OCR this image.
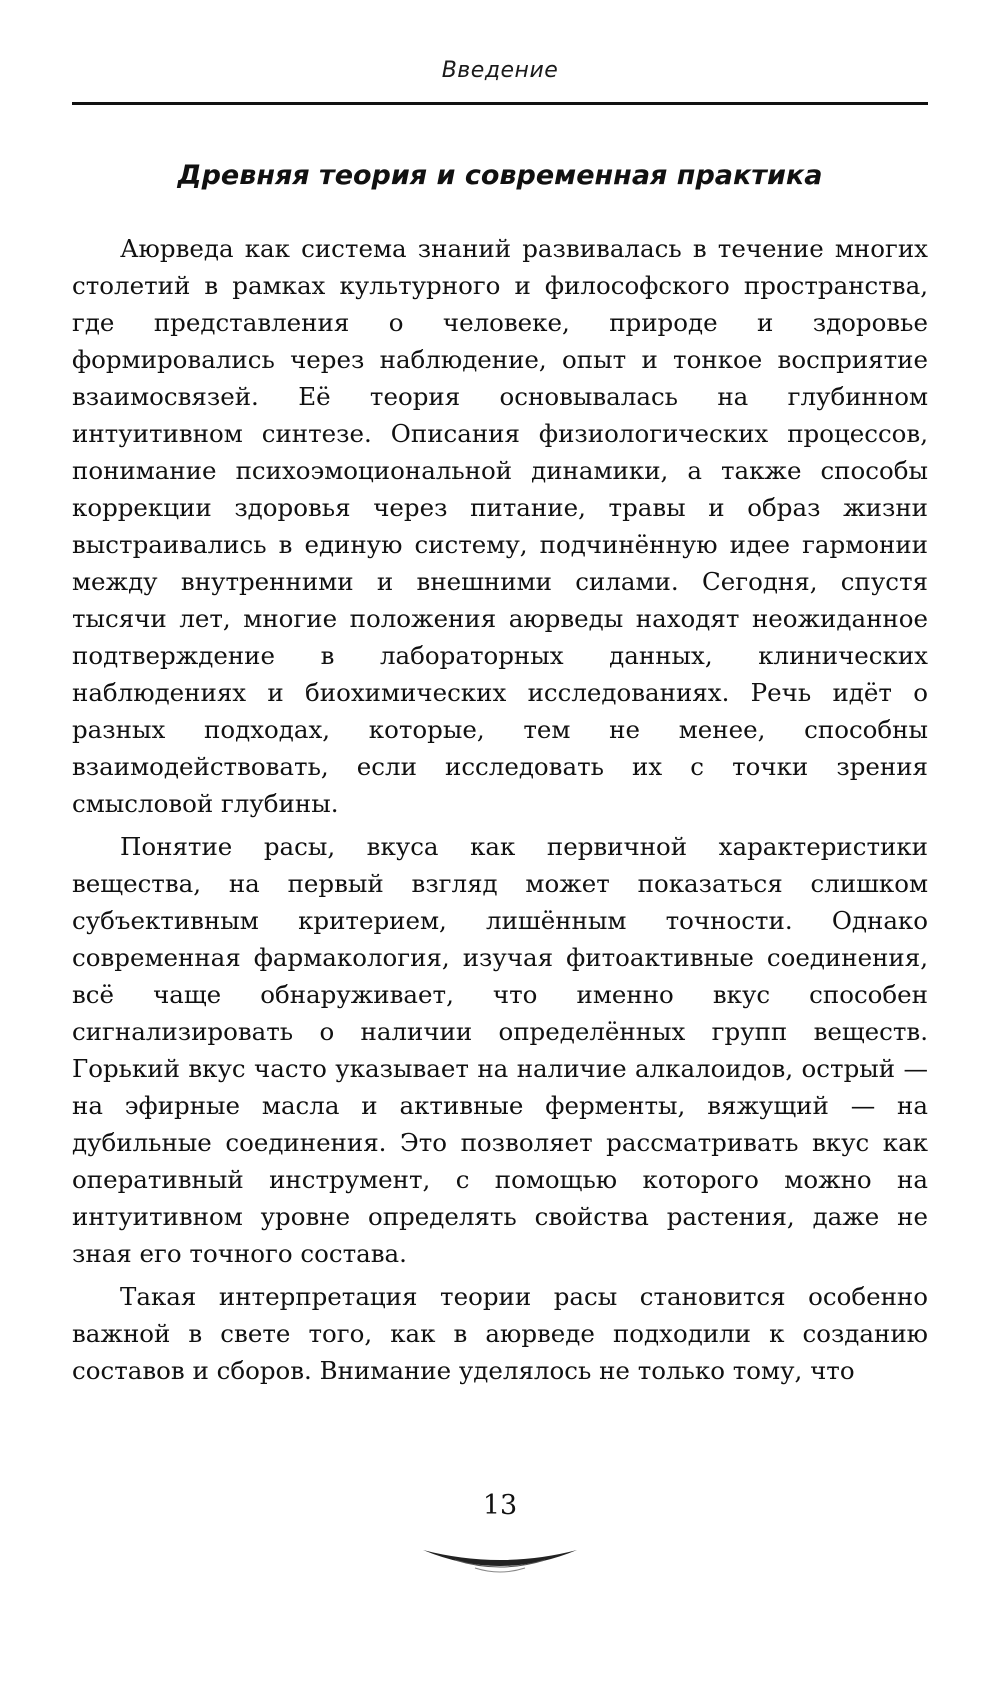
Введение
Древняя теория и современная практика

Аюрведа как система знаний развивалась в течение многих столетий в рамках культурного и философского пространства, где представления о человеке, природе и здоровье формировались через наблюдение, опыт и тонкое восприятие взаимосвязей. Её теория основывалась на глубинном интуитивном синтезе. Описания физиологических процессов, понимание психоэмоциональной динамики, а также способы коррекции здоровья через питание, травы и образ жизни выстраивались в единую систему, подчинённую идее гармонии между внутренними и внешними силами. Сегодня, спустя тысячи лет, многие положения аюрведы находят неожиданное подтверждение в лабораторных данных, клинических наблюдениях и биохимических исследованиях. Речь идёт о разных подходах, которые, тем не менее, способны взаимодействовать, если исследовать их с точки зрения смысловой глубины.

Понятие расы, вкуса как первичной характеристики вещества, на первый взгляд может показаться слишком субъективным критерием, лишённым точности. Однако современная фармакология, изучая фитоактивные соединения, всё чаще обнаруживает, что именно вкус способен сигнализировать о наличии определённых групп веществ. Горький вкус часто указывает на наличие алкалоидов, острый — на эфирные масла и активные ферменты, вяжущий — на дубильные соединения. Это позволяет рассматривать вкус как оперативный инструмент, с помощью которого можно на интуитивном уровне определять свойства растения, даже не зная его точного состава.

Такая интерпретация теории расы становится особенно важной в свете того, как в аюрведе подходили к созданию составов и сборов. Внимание уделялось не только тому, что

13
